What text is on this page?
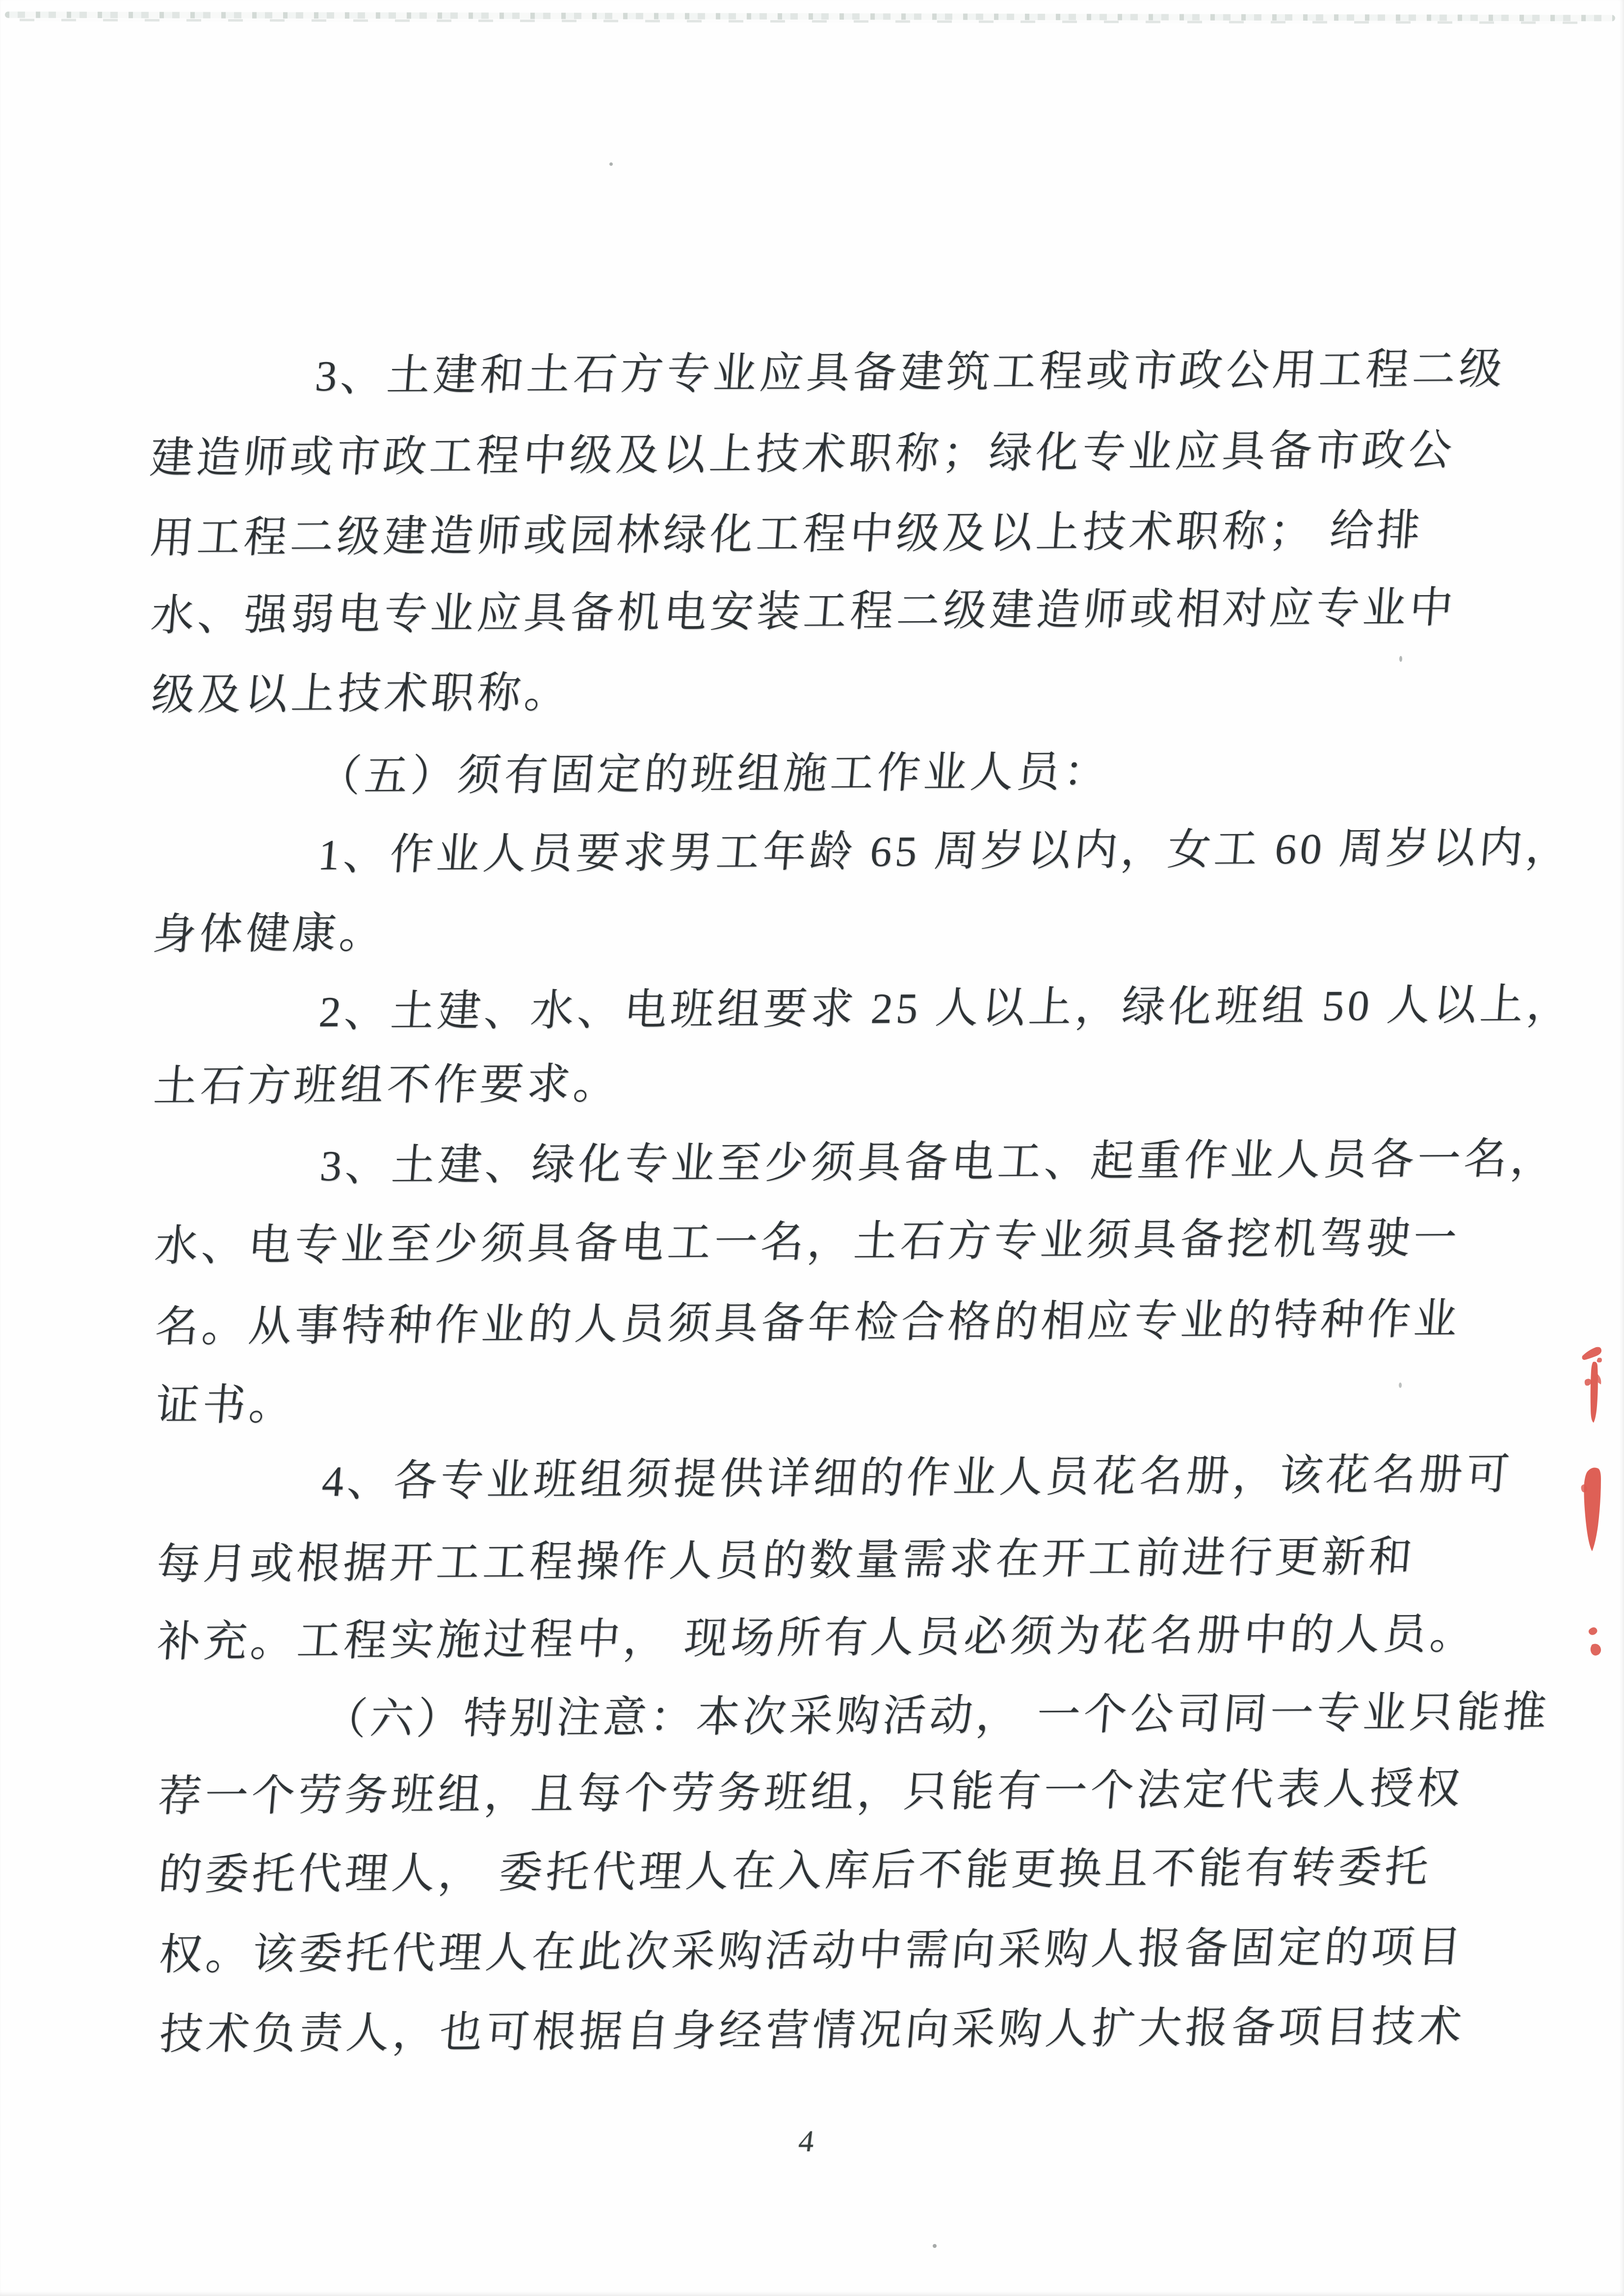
3、土建和土石方专业应具备建筑工程或市政公用工程二级
建造师或市政工程中级及以上技术职称；绿化专业应具备市政公
用工程二级建造师或园林绿化工程中级及以上技术职称； 给排
水、强弱电专业应具备机电安装工程二级建造师或相对应专业中
级及以上技术职称。
（五）须有固定的班组施工作业人员：
1、作业人员要求男工年龄 65 周岁以内，女工 60 周岁以内，
身体健康。
2、土建、水、电班组要求 25 人以上，绿化班组 50 人以上，
土石方班组不作要求。
3、土建、绿化专业至少须具备电工、起重作业人员各一名，
水、电专业至少须具备电工一名，土石方专业须具备挖机驾驶一
名。从事特种作业的人员须具备年检合格的相应专业的特种作业
证书。
4、各专业班组须提供详细的作业人员花名册，该花名册可
每月或根据开工工程操作人员的数量需求在开工前进行更新和
补充。工程实施过程中， 现场所有人员必须为花名册中的人员。
（六）特别注意：本次采购活动， 一个公司同一专业只能推
荐一个劳务班组，且每个劳务班组，只能有一个法定代表人授权
的委托代理人， 委托代理人在入库后不能更换且不能有转委托
权。该委托代理人在此次采购活动中需向采购人报备固定的项目
技术负责人，也可根据自身经营情况向采购人扩大报备项目技术
4
